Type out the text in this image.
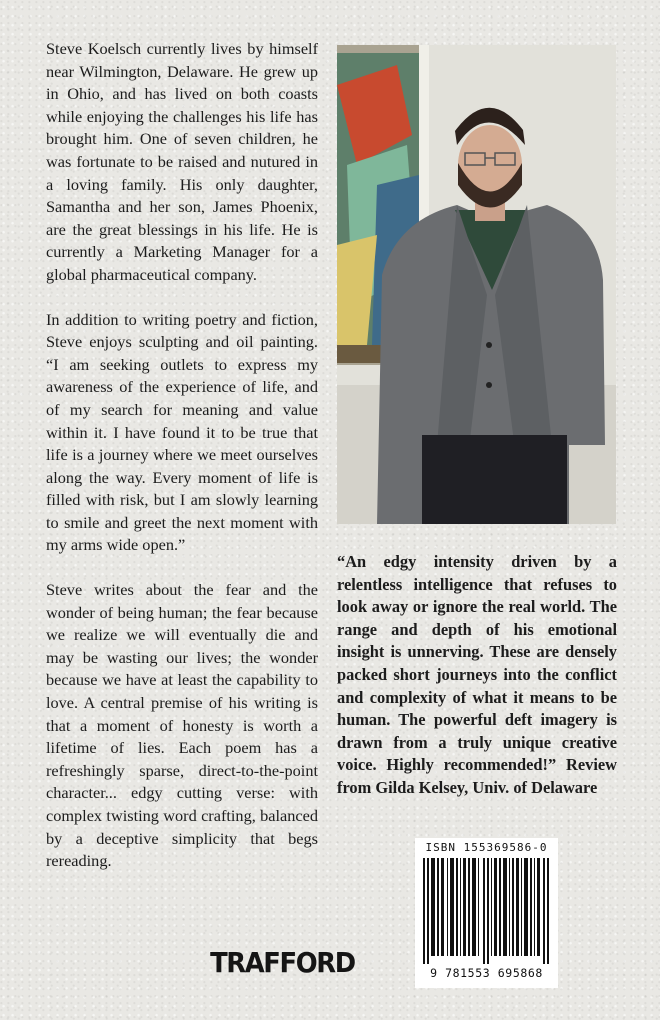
Steve Koelsch currently lives by himself near Wilmington, Delaware. He grew up in Ohio, and has lived on both coasts while enjoying the challenges his life has brought him. One of seven children, he was fortunate to be raised and nutured in a loving family. His only daughter, Samantha and her son, James Phoenix, are the great blessings in his life. He is currently a Marketing Manager for a global pharmaceutical company.

In addition to writing poetry and fiction, Steve enjoys sculpting and oil painting. “I am seeking outlets to express my awareness of the experience of life, and of my search for meaning and value within it. I have found it to be true that life is a journey where we meet ourselves along the way. Every moment of life is filled with risk, but I am slowly learning to smile and greet the next moment with my arms wide open.”

Steve writes about the fear and the wonder of being human; the fear because we realize we will eventually die and may be wasting our lives; the wonder because we have at least the capability to love. A central premise of his writing is that a moment of honesty is worth a lifetime of lies. Each poem has a refreshingly sparse, direct-to-the-point character... edgy cutting verse: with complex twisting word crafting, balanced by a deceptive simplicity that begs rereading.

“An edgy intensity driven by a relentless intelligence that refuses to look away or ignore the real world. The range and depth of his emotional insight is unnerving. These are densely packed short journeys into the conflict and complexity of what it means to be human. The powerful deft imagery is drawn from a truly unique creative voice. Highly recommended!” Review from Gilda Kelsey, Univ. of Delaware

ISBN 155369586-0
9 781553 695868
TRAFFORD
